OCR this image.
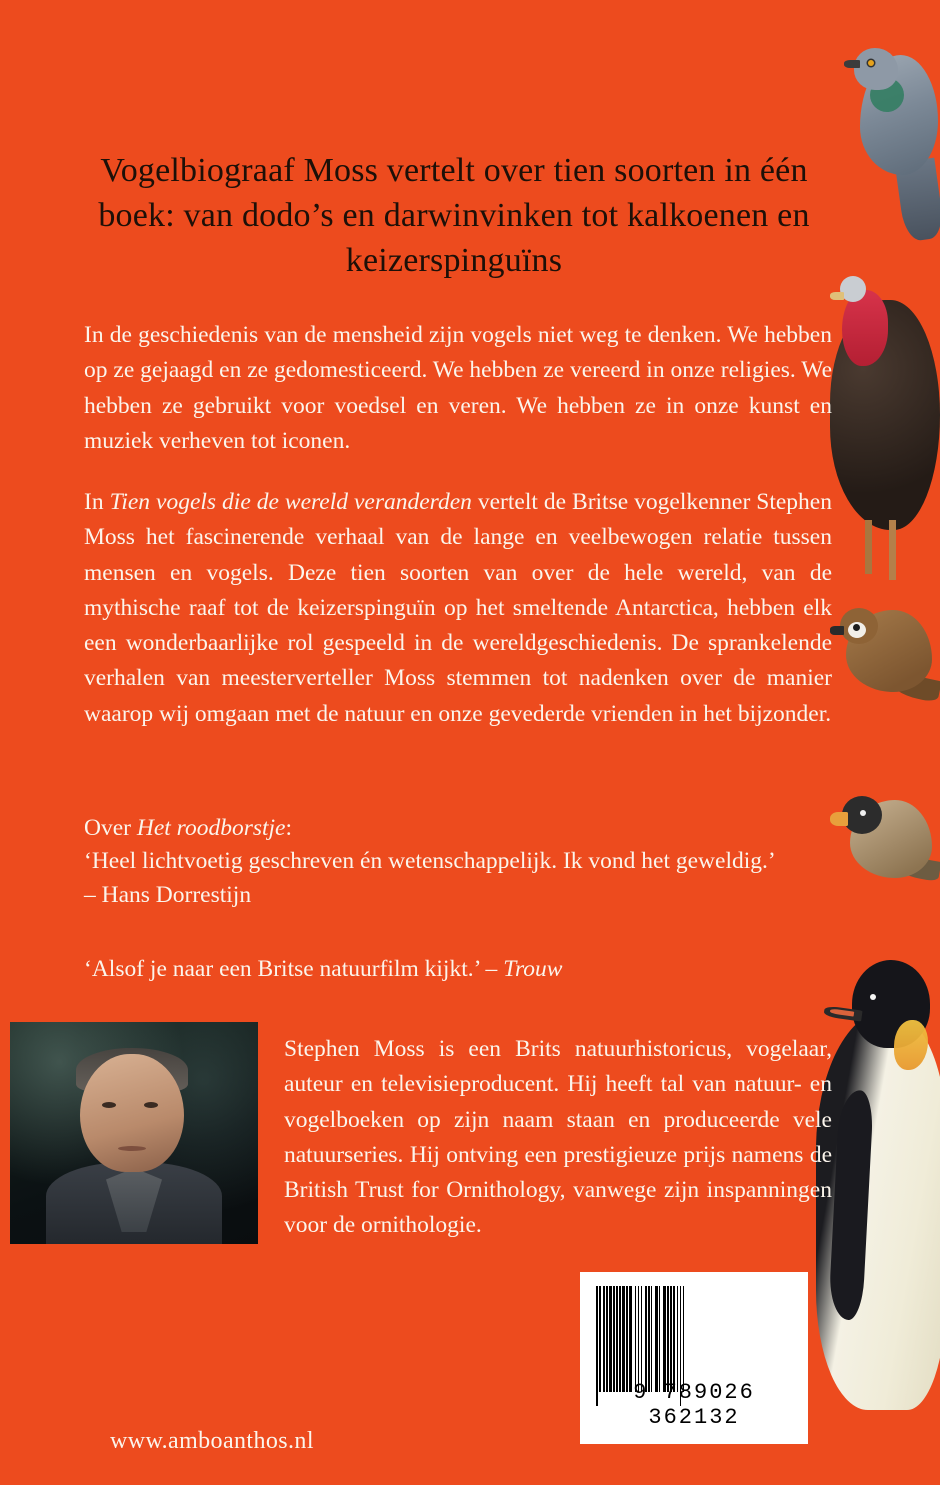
Vogelbiograaf Moss vertelt over tien soorten in één boek: van dodo’s en darwinvinken tot kalkoenen en keizerspinguïns

In de geschiedenis van de mensheid zijn vogels niet weg te denken. We hebben op ze gejaagd en ze gedomesticeerd. We hebben ze vereerd in onze religies. We hebben ze gebruikt voor voedsel en veren. We hebben ze in onze kunst en muziek verheven tot iconen.

In Tien vogels die de wereld veranderden vertelt de Britse vogelkenner Stephen Moss het fascinerende verhaal van de lange en veelbewogen relatie tussen mensen en vogels. Deze tien soorten van over de hele wereld, van de mythische raaf tot de keizerspinguïn op het smeltende Antarctica, hebben elk een wonderbaarlijke rol gespeeld in de wereldgeschiedenis. De sprankelende verhalen van meesterverteller Moss stemmen tot nadenken over de manier waarop wij omgaan met de natuur en onze gevederde vrienden in het bijzonder.

Over Het roodborstje:

‘Heel lichtvoetig geschreven én wetenschappelijk. Ik vond het geweldig.’

– Hans Dorrestijn

‘Alsof je naar een Britse natuurfilm kijkt.’ – Trouw
Stephen Moss is een Brits natuurhistoricus, vogelaar, auteur en televisieproducent. Hij heeft tal van natuur- en vogelboeken op zijn naam staan en produceerde vele natuurseries. Hij ontving een prestigieuze prijs namens de British Trust for Ornithology, vanwege zijn inspanningen voor de ornithologie.
9 789026 362132
www.amboanthos.nl
